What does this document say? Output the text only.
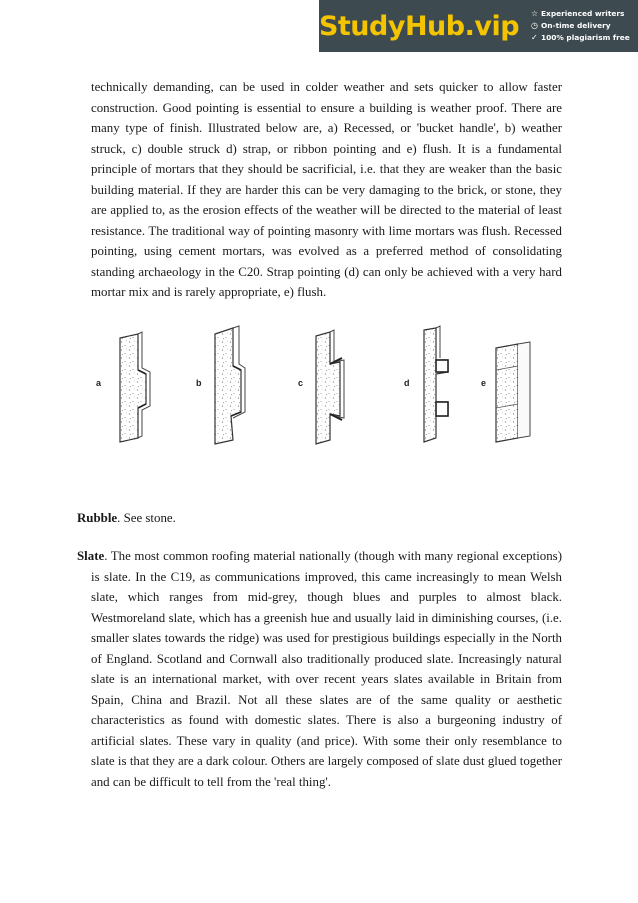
StudyHub.vip ☆ Experienced writers
◷ On-time delivery
✓ 100% plagiarism free
technically demanding, can be used in colder weather and sets quicker to allow faster construction. Good pointing is essential to ensure a building is weather proof. There are many type of finish. Illustrated below are, a) Recessed, or 'bucket handle', b) weather struck, c) double struck d) strap, or ribbon pointing and e) flush. It is a fundamental principle of mortars that they should be sacrificial, i.e. that they are weaker than the basic building material. If they are harder this can be very damaging to the brick, or stone, they are applied to, as the erosion effects of the weather will be directed to the material of least resistance. The traditional way of pointing masonry with lime mortars was flush. Recessed pointing, using cement mortars, was evolved as a preferred method of consolidating standing archaeology in the C20. Strap pointing (d) can only be achieved with a very hard mortar mix and is rarely appropriate, e) flush.
a	b	c	d	e
Rubble. See stone.
Slate. The most common roofing material nationally (though with many regional exceptions) is slate. In the C19, as communications improved, this came increasingly to mean Welsh slate, which ranges from mid-grey, though blues and purples to almost black. Westmoreland slate, which has a greenish hue and usually laid in diminishing courses, (i.e. smaller slates towards the ridge) was used for prestigious buildings especially in the North of England. Scotland and Cornwall also traditionally produced slate. Increasingly natural slate is an international market, with over recent years slates available in Britain from Spain, China and Brazil. Not all these slates are of the same quality or aesthetic characteristics as found with domestic slates. There is also a burgeoning industry of artificial slates. These vary in quality (and price). With some their only resemblance to slate is that they are a dark colour. Others are largely composed of slate dust glued together and can be difficult to tell from the 'real thing'.
